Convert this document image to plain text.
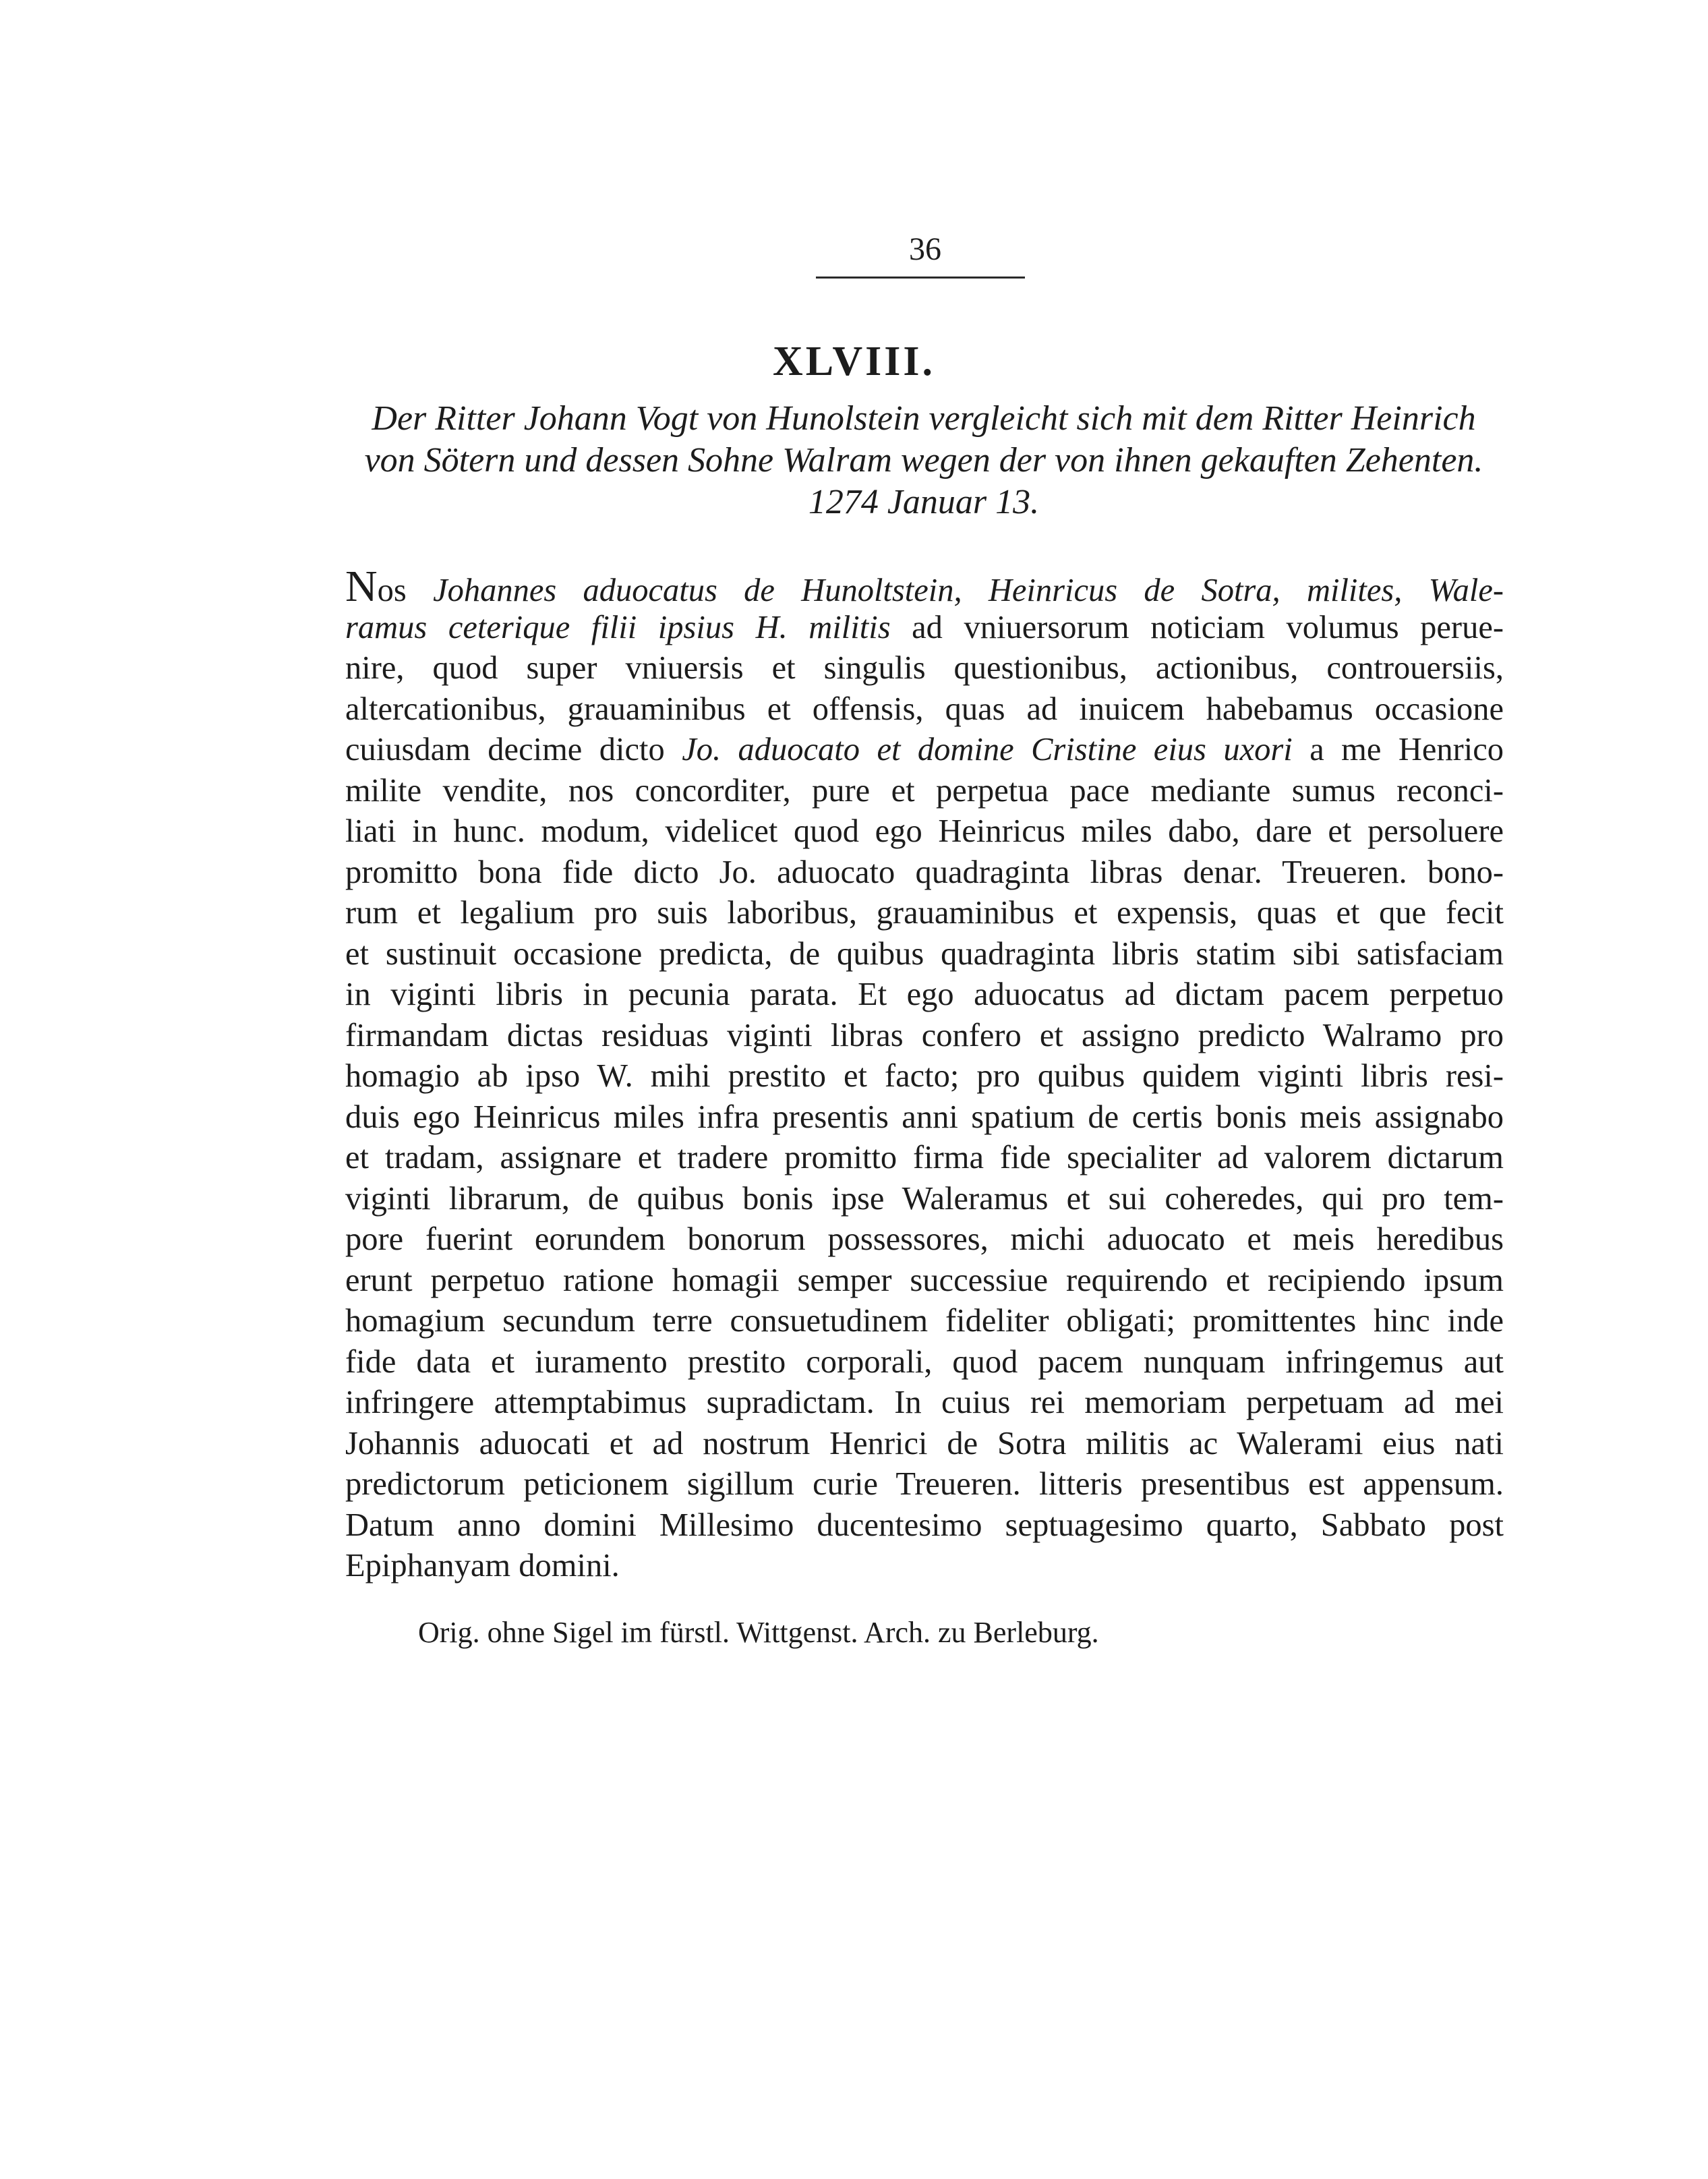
36
XLVIII.

Der Ritter Johann Vogt von Hunolstein vergleicht sich mit dem Ritter Heinrich
von Sötern und dessen Sohne Walram wegen der von ihnen gekauften Zehenten.
1274 Januar 13.

Nos Johannes aduocatus de Hunoltstein, Heinricus de Sotra, milites, Wale-
ramus ceterique filii ipsius H. militis ad vniuersorum noticiam volumus perue-
nire, quod super vniuersis et singulis questionibus, actionibus, controuersiis,
altercationibus, grauaminibus et offensis, quas ad inuicem habebamus occasione
cuiusdam decime dicto Jo. aduocato et domine Cristine eius uxori a me Henrico
milite vendite, nos concorditer, pure et perpetua pace mediante sumus reconci-
liati in hunc. modum, videlicet quod ego Heinricus miles dabo, dare et persoluere
promitto bona fide dicto Jo. aduocato quadraginta libras denar. Treueren. bono-
rum et legalium pro suis laboribus, grauaminibus et expensis, quas et que fecit
et sustinuit occasione predicta, de quibus quadraginta libris statim sibi satisfaciam
in viginti libris in pecunia parata. Et ego aduocatus ad dictam pacem perpetuo
firmandam dictas residuas viginti libras confero et assigno predicto Walramo pro
homagio ab ipso W. mihi prestito et facto; pro quibus quidem viginti libris resi-
duis ego Heinricus miles infra presentis anni spatium de certis bonis meis assignabo
et tradam, assignare et tradere promitto firma fide specialiter ad valorem dictarum
viginti librarum, de quibus bonis ipse Waleramus et sui coheredes, qui pro tem-
pore fuerint eorundem bonorum possessores, michi aduocato et meis heredibus
erunt perpetuo ratione homagii semper successiue requirendo et recipiendo ipsum
homagium secundum terre consuetudinem fideliter obligati; promittentes hinc inde
fide data et iuramento prestito corporali, quod pacem nunquam infringemus aut
infringere attemptabimus supradictam. In cuius rei memoriam perpetuam ad mei
Johannis aduocati et ad nostrum Henrici de Sotra militis ac Walerami eius nati
predictorum peticionem sigillum curie Treueren. litteris presentibus est appensum.
Datum anno domini Millesimo ducentesimo septuagesimo quarto, Sabbato post
Epiphanyam domini.
Orig. ohne Sigel im fürstl. Wittgenst. Arch. zu Berleburg.
